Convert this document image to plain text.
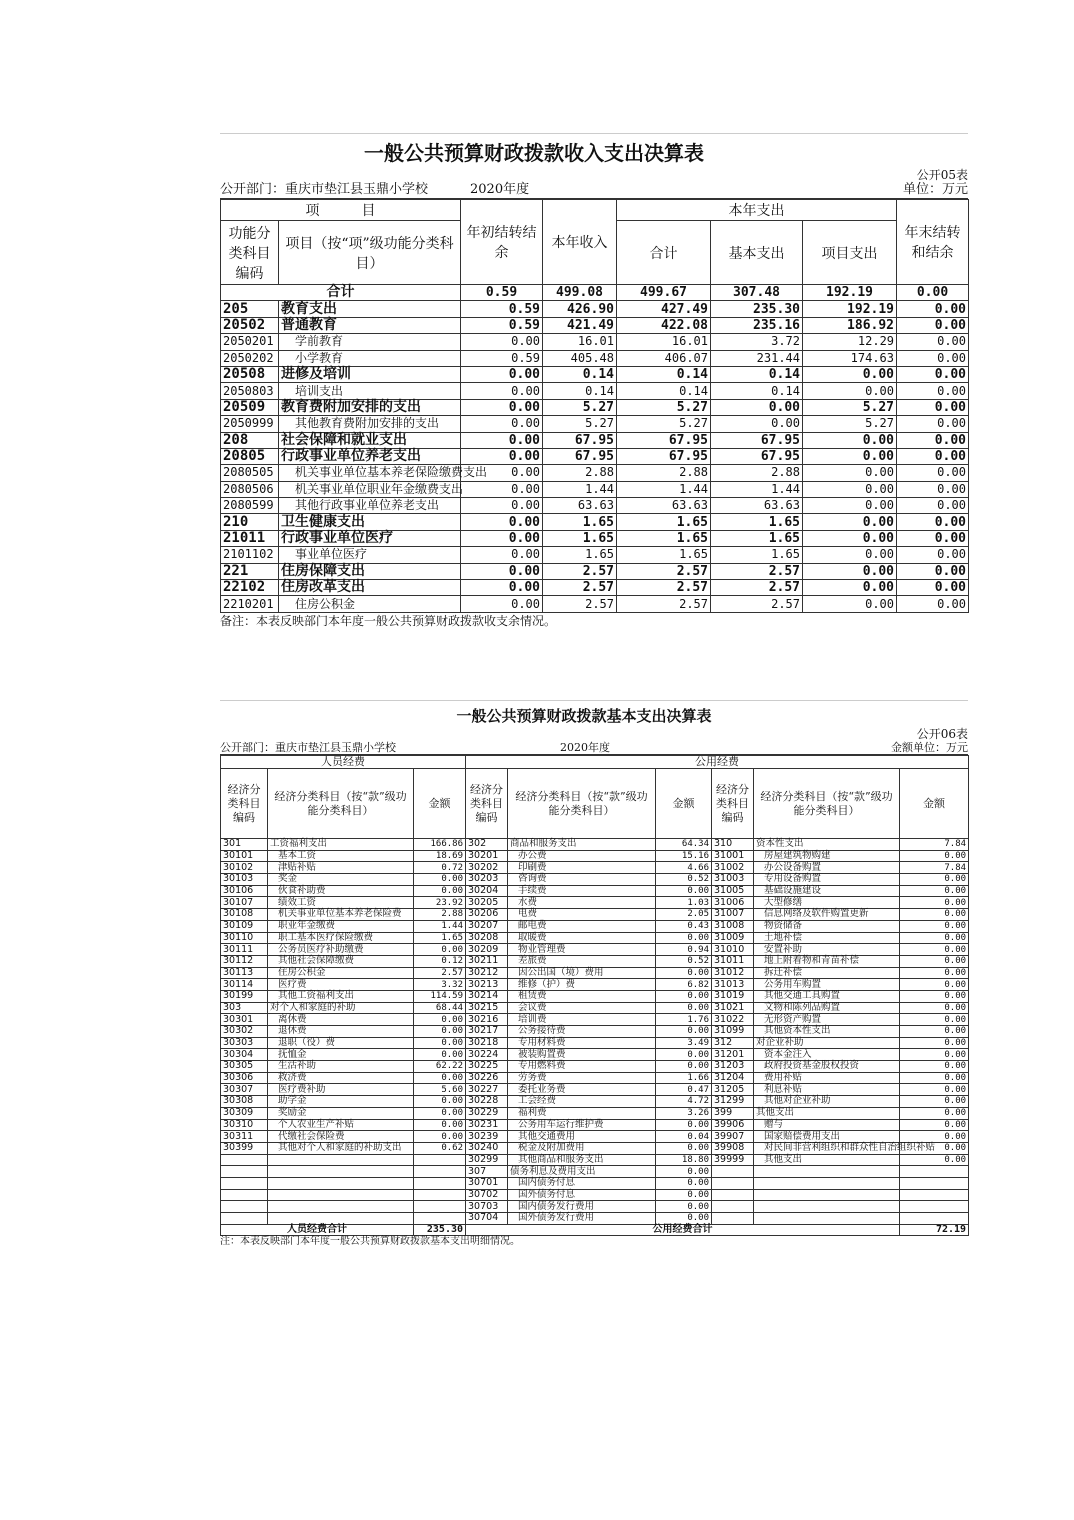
一般公共预算财政拨款收入支出决算表
公开05表
公开部门：重庆市垫江县玉鼎小学校	2020年度	单位：万元
项　　　目		年初结转结余	本年收入	本年支出			年末结转和结余
功能分类科目编码	项目（按“项”级功能分类科目）			合计	基本支出	项目支出	
合计		0.59	499.08	499.67	307.48	192.19	0.00
205	教育支出	0.59	426.90	427.49	235.30	192.19	0.00
20502	普通教育	0.59	421.49	422.08	235.16	186.92	0.00
2050201	学前教育	0.00	16.01	16.01	3.72	12.29	0.00
2050202	小学教育	0.59	405.48	406.07	231.44	174.63	0.00
20508	进修及培训	0.00	0.14	0.14	0.14	0.00	0.00
2050803	培训支出	0.00	0.14	0.14	0.14	0.00	0.00
20509	教育费附加安排的支出	0.00	5.27	5.27	0.00	5.27	0.00
2050999	其他教育费附加安排的支出	0.00	5.27	5.27	0.00	5.27	0.00
208	社会保障和就业支出	0.00	67.95	67.95	67.95	0.00	0.00
20805	行政事业单位养老支出	0.00	67.95	67.95	67.95	0.00	0.00
2080505	机关事业单位基本养老保险缴费支出	0.00	2.88	2.88	2.88	0.00	0.00
2080506	机关事业单位职业年金缴费支出	0.00	1.44	1.44	1.44	0.00	0.00
2080599	其他行政事业单位养老支出	0.00	63.63	63.63	63.63	0.00	0.00
210	卫生健康支出	0.00	1.65	1.65	1.65	0.00	0.00
21011	行政事业单位医疗	0.00	1.65	1.65	1.65	0.00	0.00
2101102	事业单位医疗	0.00	1.65	1.65	1.65	0.00	0.00
221	住房保障支出	0.00	2.57	2.57	2.57	0.00	0.00
22102	住房改革支出	0.00	2.57	2.57	2.57	0.00	0.00
2210201	住房公积金	0.00	2.57	2.57	2.57	0.00	0.00
备注：本表反映部门本年度一般公共预算财政拨款收支余情况。
一般公共预算财政拨款基本支出决算表
公开06表
公开部门：重庆市垫江县玉鼎小学校	2020年度	金额单位：万元
人员经费			公用经费					
经济分类科目编码	经济分类科目（按“款”级功能分类科目）	金额	经济分类科目编码	经济分类科目（按“款”级功能分类科目）	金额	经济分类科目编码	经济分类科目（按“款”级功能分类科目）	金额
301	工资福利支出	166.86	302	商品和服务支出	64.34	310	资本性支出	7.84
30101	基本工资	18.69	30201	办公费	15.16	31001	房屋建筑物购建	0.00
30102	津贴补贴	0.72	30202	印刷费	4.66	31002	办公设备购置	7.84
30103	奖金	0.00	30203	咨询费	0.52	31003	专用设备购置	0.00
30106	伙食补助费	0.00	30204	手续费	0.00	31005	基础设施建设	0.00
30107	绩效工资	23.92	30205	水费	1.03	31006	大型修缮	0.00
30108	机关事业单位基本养老保险费	2.88	30206	电费	2.05	31007	信息网络及软件购置更新	0.00
30109	职业年金缴费	1.44	30207	邮电费	0.43	31008	物资储备	0.00
30110	职工基本医疗保险缴费	1.65	30208	取暖费	0.00	31009	土地补偿	0.00
30111	公务员医疗补助缴费	0.00	30209	物业管理费	0.94	31010	安置补助	0.00
30112	其他社会保障缴费	0.12	30211	差旅费	0.52	31011	地上附着物和青苗补偿	0.00
30113	住房公积金	2.57	30212	因公出国（境）费用	0.00	31012	拆迁补偿	0.00
30114	医疗费	3.32	30213	维修（护）费	6.82	31013	公务用车购置	0.00
30199	其他工资福利支出	114.59	30214	租赁费	0.00	31019	其他交通工具购置	0.00
303	对个人和家庭的补助	68.44	30215	会议费	0.00	31021	文物和陈列品购置	0.00
30301	离休费	0.00	30216	培训费	1.76	31022	无形资产购置	0.00
30302	退休费	0.00	30217	公务接待费	0.00	31099	其他资本性支出	0.00
30303	退职（役）费	0.00	30218	专用材料费	3.49	312	对企业补助	0.00
30304	抚恤金	0.00	30224	被装购置费	0.00	31201	资本金注入	0.00
30305	生活补助	62.22	30225	专用燃料费	0.00	31203	政府投资基金股权投资	0.00
30306	救济费	0.00	30226	劳务费	1.66	31204	费用补贴	0.00
30307	医疗费补助	5.60	30227	委托业务费	0.47	31205	利息补贴	0.00
30308	助学金	0.00	30228	工会经费	4.72	31299	其他对企业补助	0.00
30309	奖励金	0.00	30229	福利费	3.26	399	其他支出	0.00
30310	个人农业生产补贴	0.00	30231	公务用车运行维护费	0.00	39906	赠与	0.00
30311	代缴社会保险费	0.00	30239	其他交通费用	0.04	39907	国家赔偿费用支出	0.00
30399	其他对个人和家庭的补助支出	0.62	30240	税金及附加费用	0.00	39908	对民间非营利组织和群众性自治组织补贴	0.00
			30299	其他商品和服务支出	18.80	39999	其他支出	0.00
			307	债务利息及费用支出	0.00			
			30701	国内债务付息	0.00			
			30702	国外债务付息	0.00			
			30703	国内债务发行费用	0.00			
			30704	国外债务发行费用	0.00			
人员经费合计		235.30	公用经费合计					72.19
注：本表反映部门本年度一般公共预算财政拨款基本支出明细情况。
